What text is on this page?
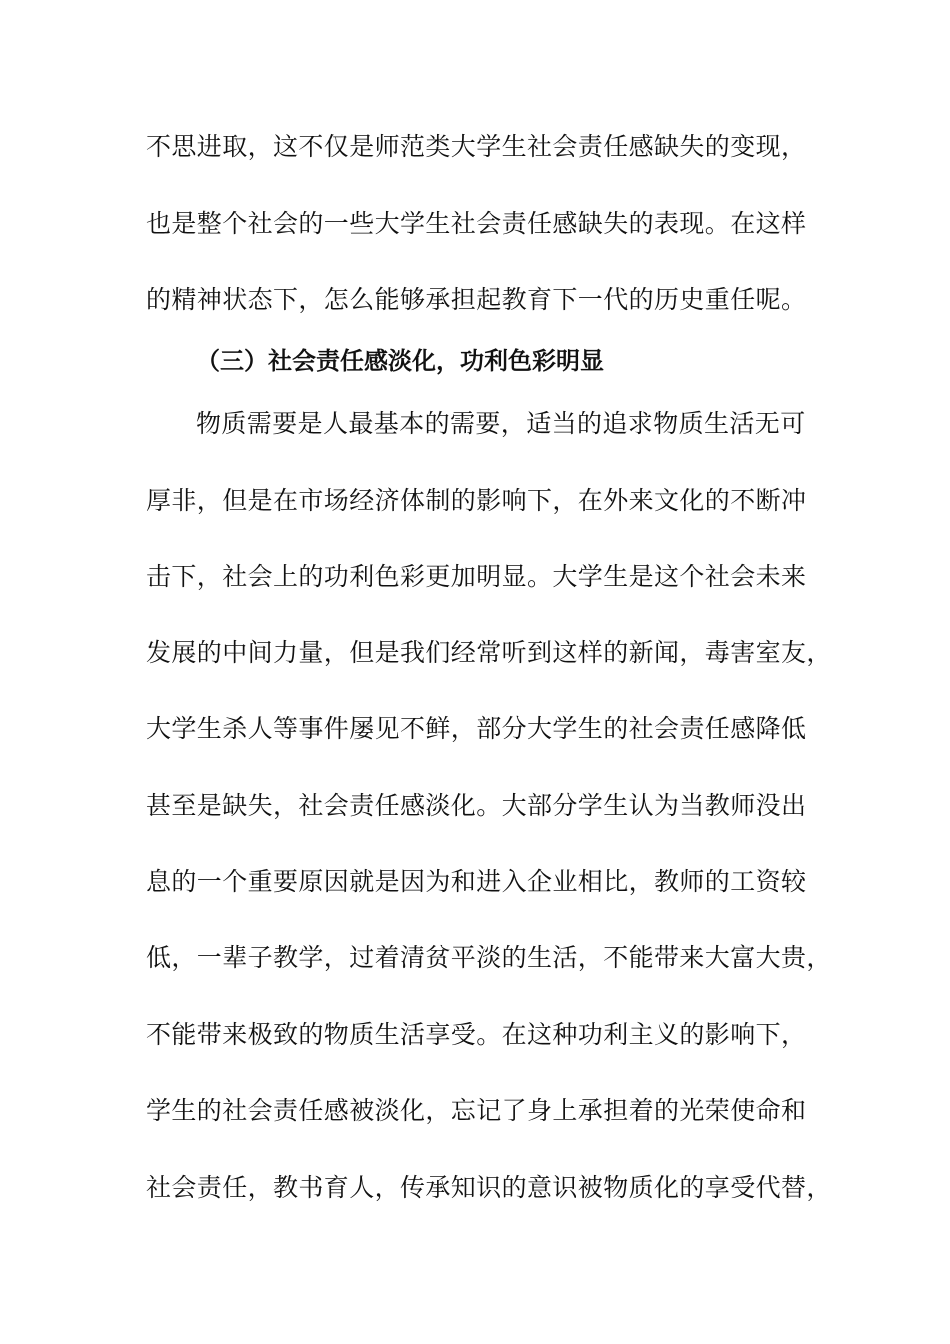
不思进取，这不仅是师范类大学生社会责任感缺失的变现，
也是整个社会的一些大学生社会责任感缺失的表现。在这样
的精神状态下，怎么能够承担起教育下一代的历史重任呢。
（三）社会责任感淡化，功利色彩明显
物质需要是人最基本的需要，适当的追求物质生活无可
厚非，但是在市场经济体制的影响下，在外来文化的不断冲
击下，社会上的功利色彩更加明显。大学生是这个社会未来
发展的中间力量，但是我们经常听到这样的新闻，毒害室友，
大学生杀人等事件屡见不鲜，部分大学生的社会责任感降低
甚至是缺失，社会责任感淡化。大部分学生认为当教师没出
息的一个重要原因就是因为和进入企业相比，教师的工资较
低，一辈子教学，过着清贫平淡的生活，不能带来大富大贵，
不能带来极致的物质生活享受。在这种功利主义的影响下，
学生的社会责任感被淡化，忘记了身上承担着的光荣使命和
社会责任，教书育人，传承知识的意识被物质化的享受代替，
